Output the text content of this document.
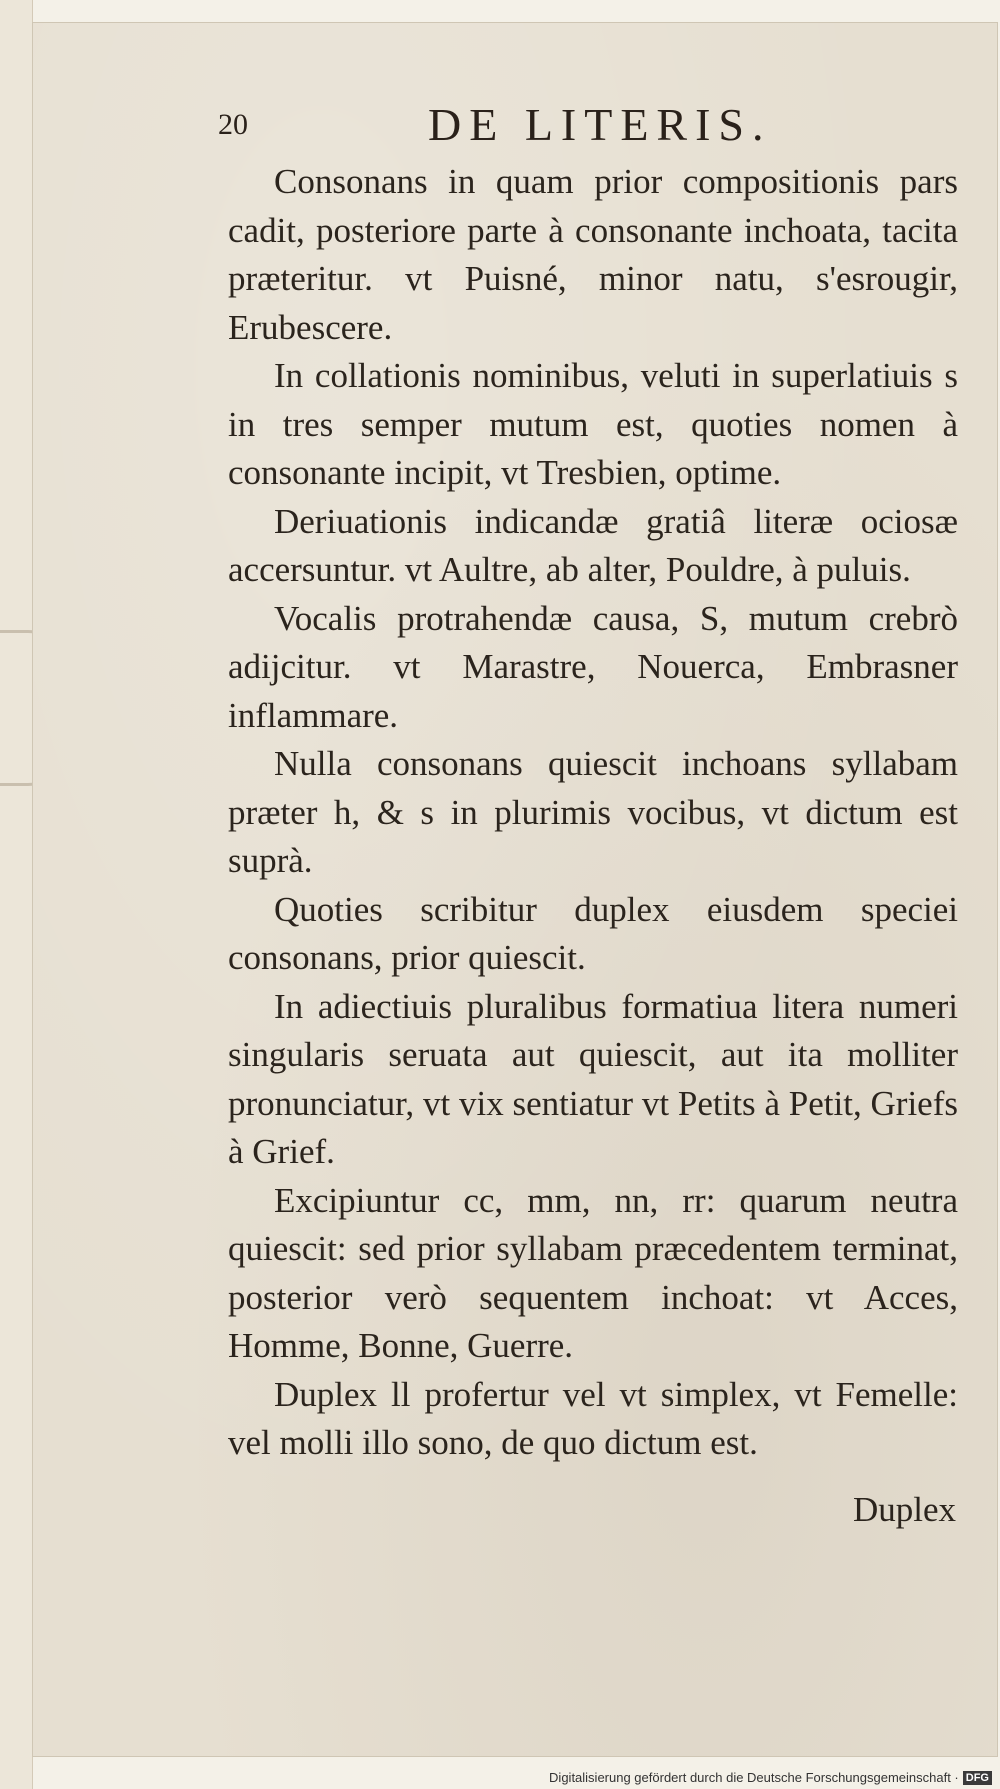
20	DE LITERIS.

Consonans in quam prior compositionis pars cadit, posteriore parte à consonante inchoata, tacita præteritur. vt Puisné, minor natu, s'esrougir, Erubescere.

In collationis nominibus, veluti in superlatiuis s in tres semper mutum est, quoties nomen à consonante incipit, vt Tresbien, optime.

Deriuationis indicandæ gratiâ literæ ociosæ accersuntur. vt Aultre, ab alter, Pouldre, à puluis.

Vocalis protrahendæ causa, S, mutum crebrò adijcitur. vt Marastre, Nouerca, Embrasner inflammare.

Nulla consonans quiescit inchoans syllabam præter h, & s in plurimis vocibus, vt dictum est suprà.

Quoties scribitur duplex eiusdem speciei consonans, prior quiescit.

In adiectiuis pluralibus formatiua litera numeri singularis seruata aut quiescit, aut ita molliter pronunciatur, vt vix sentiatur vt Petits à Petit, Griefs à Grief.

Excipiuntur cc, mm, nn, rr: quarum neutra quiescit: sed prior syllabam præcedentem terminat, posterior verò sequentem inchoat: vt Acces, Homme, Bonne, Guerre.

Duplex ll profertur vel vt simplex, vt Femelle: vel molli illo sono, de quo dictum est.

Duplex
Digitalisierung gefördert durch die Deutsche Forschungsgemeinschaft · DFG
